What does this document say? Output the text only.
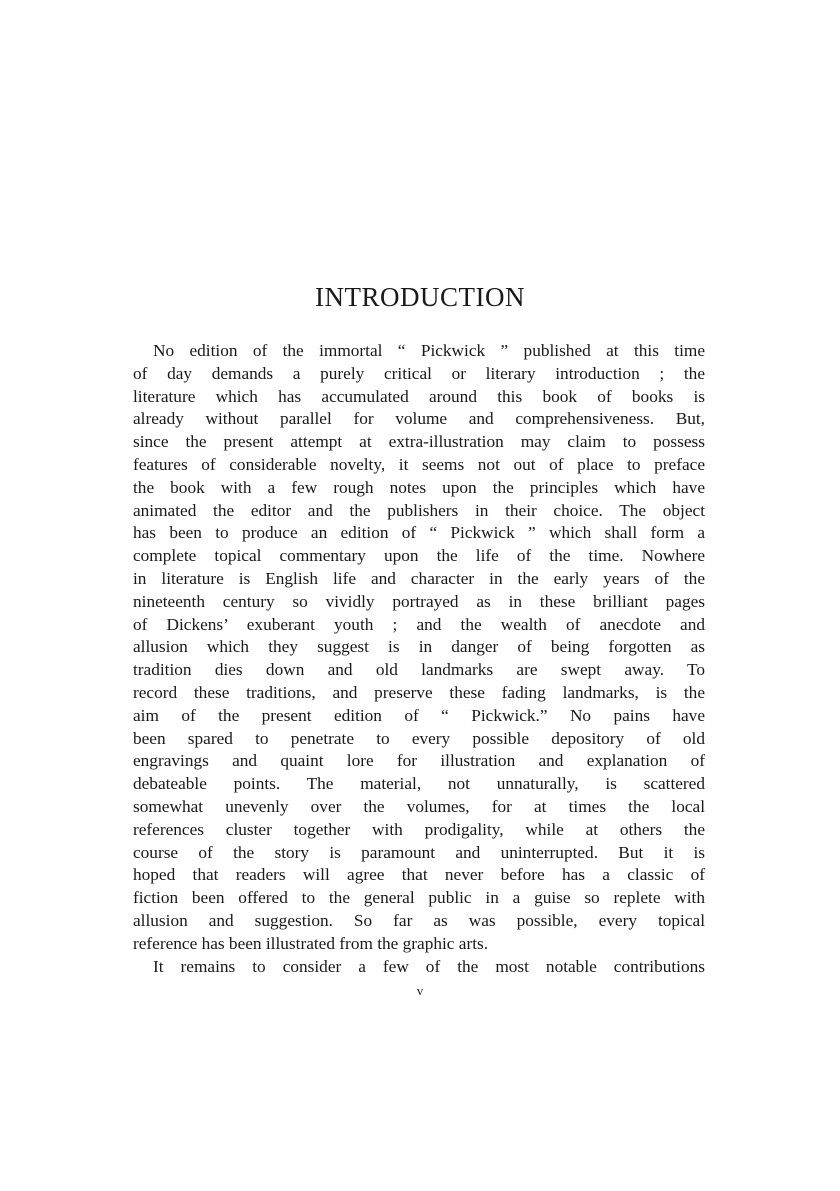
INTRODUCTION
No edition of the immortal “ Pickwick ” published at this time
of day demands a purely critical or literary introduction ; the
literature which has accumulated around this book of books is
already without parallel for volume and comprehensiveness. But,
since the present attempt at extra-illustration may claim to possess
features of considerable novelty, it seems not out of place to preface
the book with a few rough notes upon the principles which have
animated the editor and the publishers in their choice. The object
has been to produce an edition of “ Pickwick ” which shall form a
complete topical commentary upon the life of the time. Nowhere
in literature is English life and character in the early years of the
nineteenth century so vividly portrayed as in these brilliant pages
of Dickens’ exuberant youth ; and the wealth of anecdote and
allusion which they suggest is in danger of being forgotten as
tradition dies down and old landmarks are swept away. To
record these traditions, and preserve these fading landmarks, is the
aim of the present edition of “ Pickwick.” No pains have
been spared to penetrate to every possible depository of old
engravings and quaint lore for illustration and explanation of
debateable points. The material, not unnaturally, is scattered
somewhat unevenly over the volumes, for at times the local
references cluster together with prodigality, while at others the
course of the story is paramount and uninterrupted. But it is
hoped that readers will agree that never before has a classic of
fiction been offered to the general public in a guise so replete with
allusion and suggestion. So far as was possible, every topical
reference has been illustrated from the graphic arts.
It remains to consider a few of the most notable contributions
v
